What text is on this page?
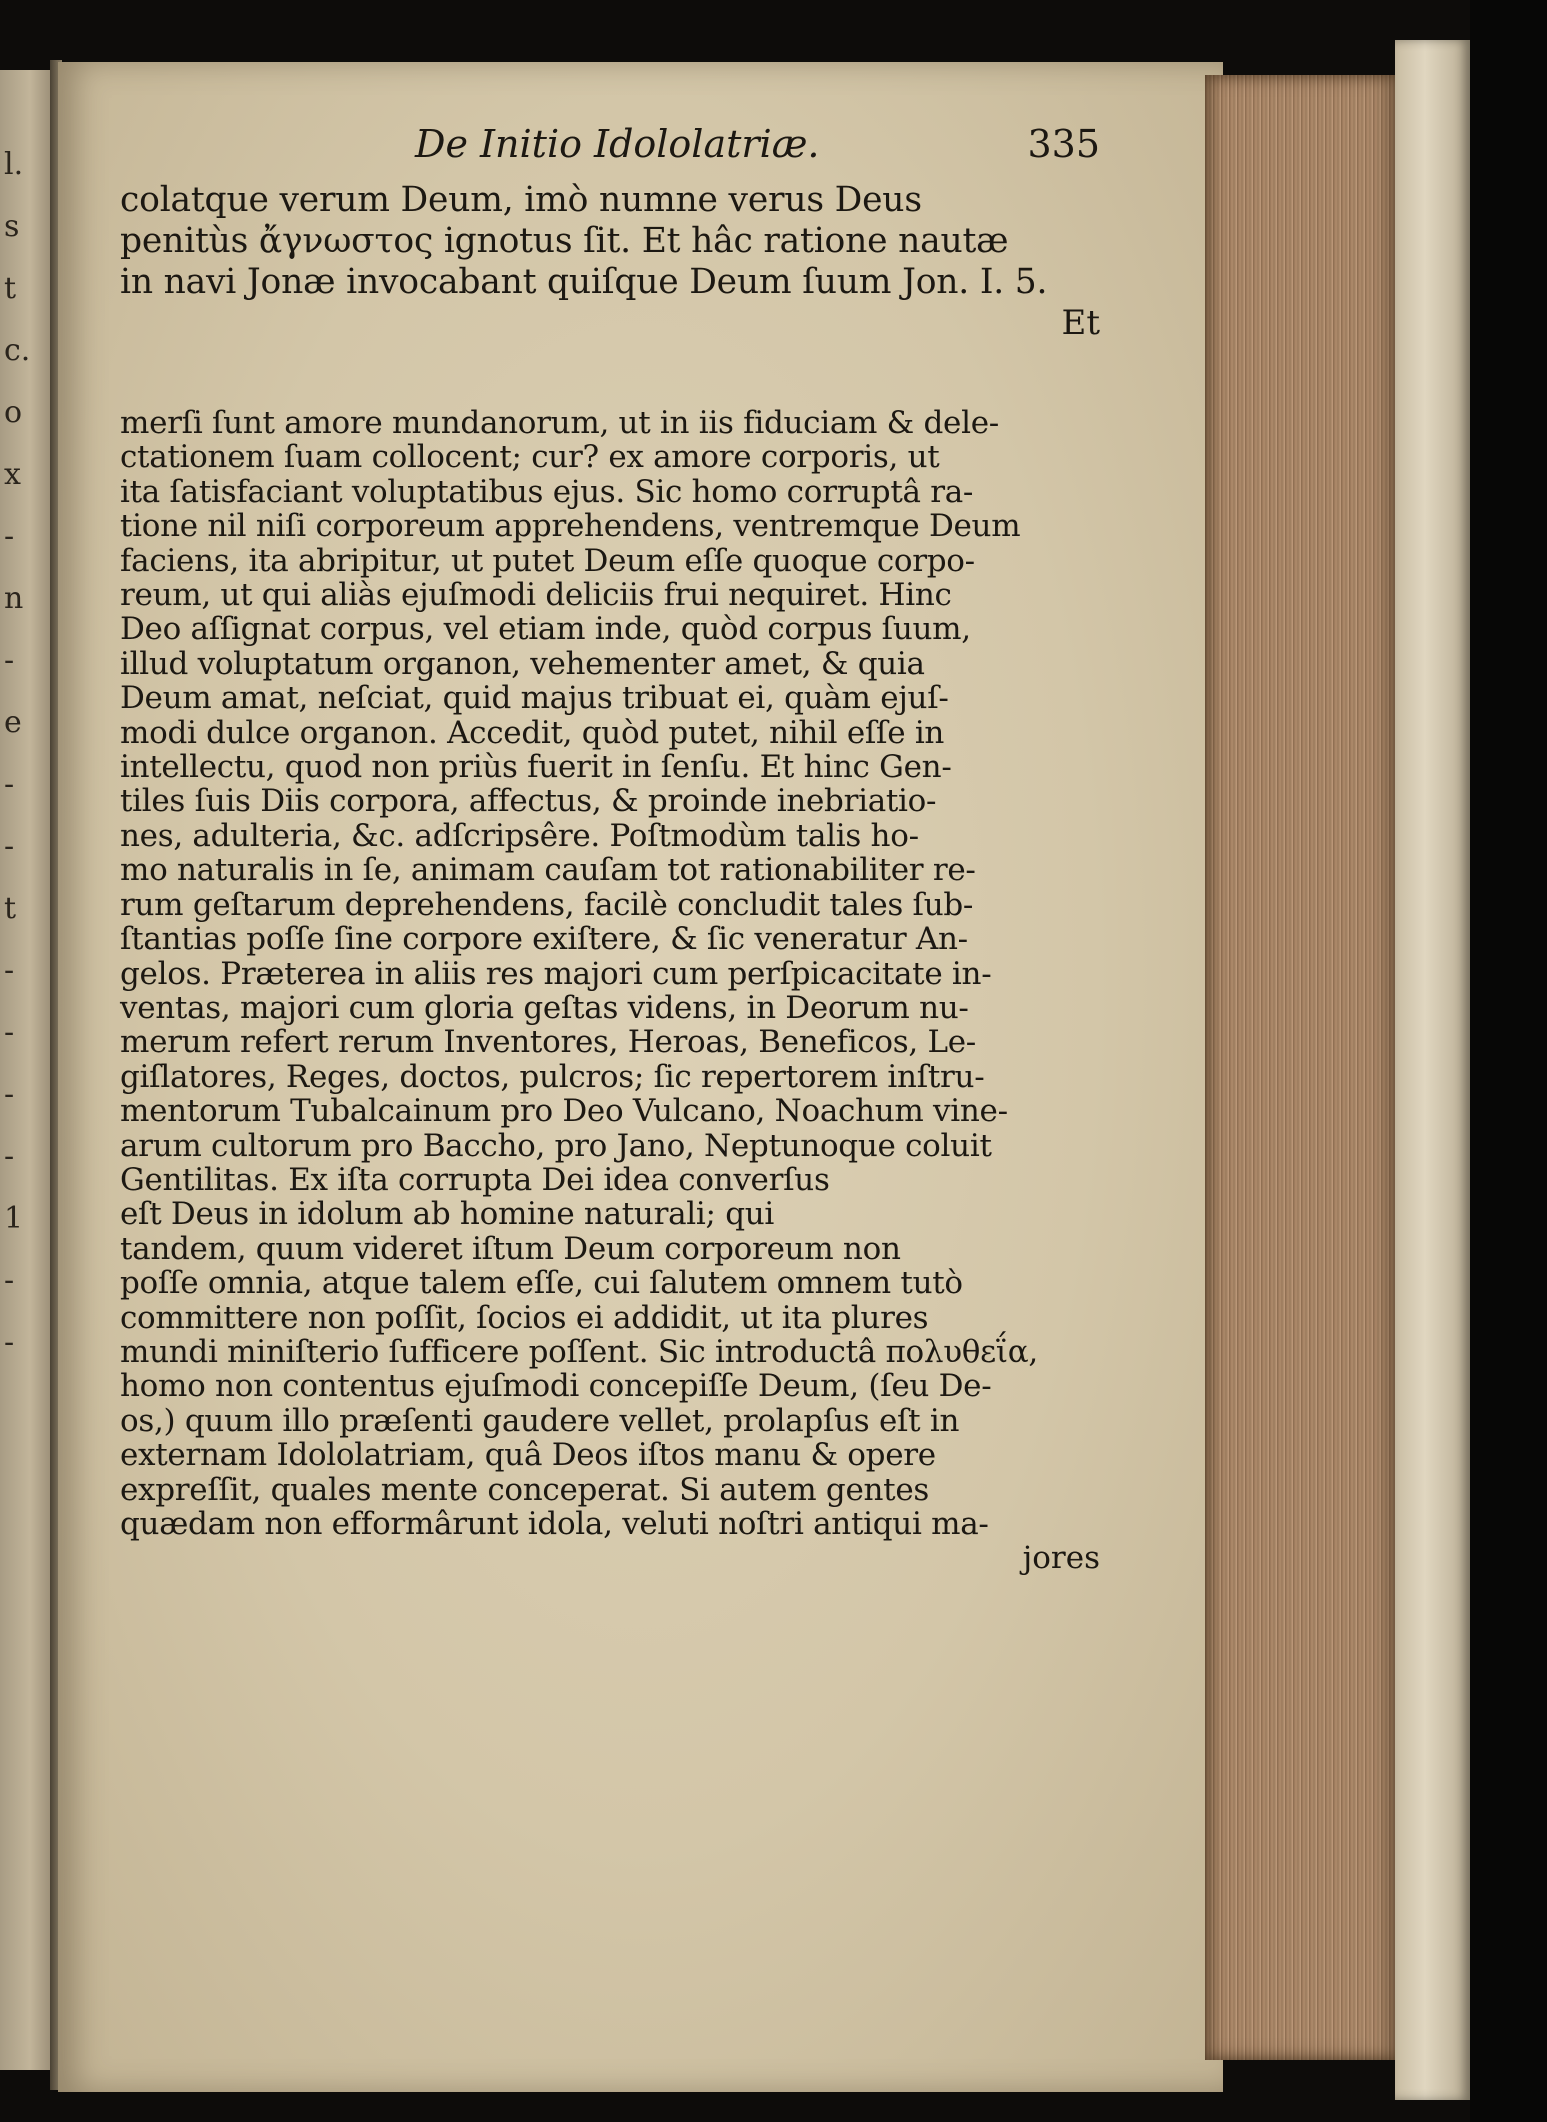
l.
s
t
c.
o
x
-
n
-
e
-
-
t
-
-
-
-
1
-
-
De Initio Idololatriæ.	335
colatque verum Deum, imò numne verus Deus
penitùs ἄγνωστος ignotus ſit. Et hâc ratione nautæ
in navi Jonæ invocabant quiſque Deum ſuum Jon. I. 5.
Et
merſi ſunt amore mundanorum, ut in iis fiduciam & dele-
ctationem ſuam collocent; cur? ex amore corporis, ut
ita ſatisfaciant voluptatibus ejus. Sic homo corruptâ ra-
tione nil niſi corporeum apprehendens, ventremque Deum
faciens, ita abripitur, ut putet Deum eſſe quoque corpo-
reum, ut qui aliàs ejuſmodi deliciis frui nequiret. Hinc
Deo aſſignat corpus, vel etiam inde, quòd corpus ſuum,
illud voluptatum organon, vehementer amet, & quia
Deum amat, neſciat, quid majus tribuat ei, quàm ejuſ-
modi dulce organon. Accedit, quòd putet, nihil eſſe in
intellectu, quod non priùs fuerit in ſenſu. Et hinc Gen-
tiles ſuis Diis corpora, affectus, & proinde inebriatio-
nes, adulteria, &c. adſcripsêre. Poſtmodùm talis ho-
mo naturalis in ſe, animam cauſam tot rationabiliter re-
rum geſtarum deprehendens, facilè concludit tales ſub-
ſtantias poſſe ſine corpore exiſtere, & ſic veneratur An-
gelos. Præterea in aliis res majori cum perſpicacitate in-
ventas, majori cum gloria geſtas videns, in Deorum nu-
merum refert rerum Inventores, Heroas, Beneficos, Le-
giſlatores, Reges, doctos, pulcros; ſic repertorem inſtru-
mentorum Tubalcainum pro Deo Vulcano, Noachum vine-
arum cultorum pro Baccho, pro Jano, Neptunoque coluit
Gentilitas. Ex iſta corrupta Dei idea converſus
eſt Deus in idolum ab homine naturali; qui
tandem, quum videret iſtum Deum corporeum non
poſſe omnia, atque talem eſſe, cui ſalutem omnem tutò
committere non poſſit, ſocios ei addidit, ut ita plures
mundi miniſterio ſufficere poſſent. Sic introductâ πολυθεΐα,
homo non contentus ejuſmodi concepiſſe Deum, (ſeu De-
os,) quum illo præſenti gaudere vellet, prolapſus eſt in
externam Idololatriam, quâ Deos iſtos manu & opere
expreſſit, quales mente conceperat. Si autem gentes
quædam non efformârunt idola, veluti noſtri antiqui ma-
jores
